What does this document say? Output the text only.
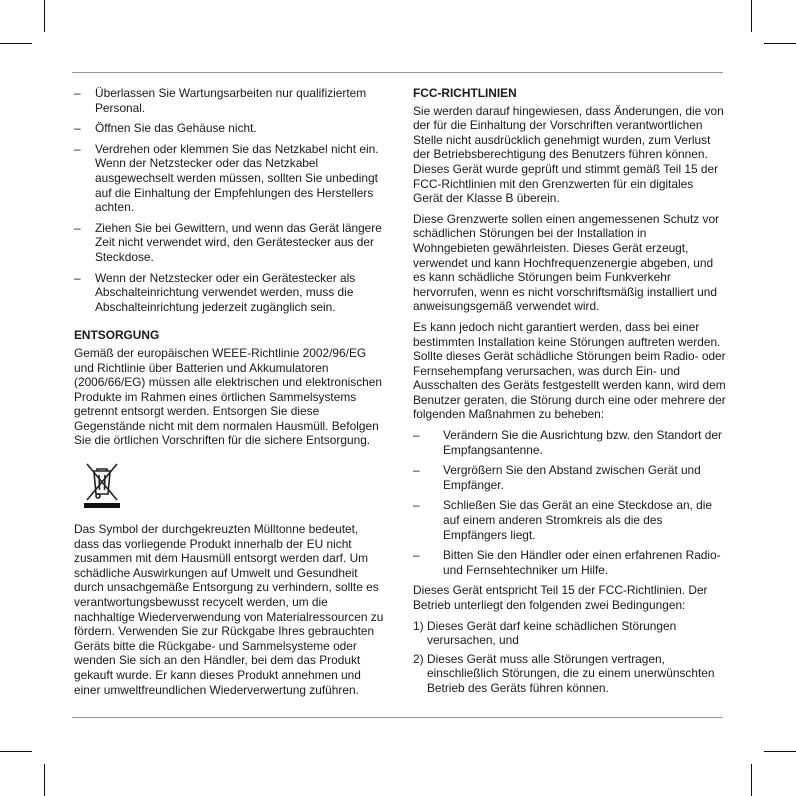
– Überlassen Sie Wartungsarbeiten nur qualifiziertem Personal.
– Öffnen Sie das Gehäuse nicht.
– Verdrehen oder klemmen Sie das Netzkabel nicht ein. Wenn der Netzstecker oder das Netzkabel ausgewechselt werden müssen, sollten Sie unbedingt auf die Einhaltung der Empfehlungen des Herstellers achten.
– Ziehen Sie bei Gewittern, und wenn das Gerät längere Zeit nicht verwendet wird, den Gerätestecker aus der Steckdose.
– Wenn der Netzstecker oder ein Gerätestecker als Abschalteinrichtung verwendet werden, muss die Abschalteinrichtung jederzeit zugänglich sein.
ENTSORGUNG

Gemäß der europäischen WEEE-Richtlinie 2002/96/EG und Richtlinie über Batterien und Akkumulatoren (2006/66/EG) müssen alle elektrischen und elektronischen Produkte im Rahmen eines örtlichen Sammelsystems getrennt entsorgt werden. Entsorgen Sie diese Gegenstände nicht mit dem normalen Hausmüll. Befolgen Sie die örtlichen Vorschriften für die sichere Entsorgung.

Das Symbol der durchgekreuzten Mülltonne bedeutet, dass das vorliegende Produkt innerhalb der EU nicht zusammen mit dem Hausmüll entsorgt werden darf. Um schädliche Auswirkungen auf Umwelt und Gesundheit durch unsachgemäße Entsorgung zu verhindern, sollte es verantwortungsbewusst recycelt werden, um die nachhaltige Wiederverwendung von Materialressourcen zu fördern. Verwenden Sie zur Rückgabe Ihres gebrauchten Geräts bitte die Rückgabe- und Sammelsysteme oder wenden Sie sich an den Händler, bei dem das Produkt gekauft wurde. Er kann dieses Produkt annehmen und einer umweltfreundlichen Wiederverwertung zuführen.

FCC-RICHTLINIEN

Sie werden darauf hingewiesen, dass Änderungen, die von der für die Einhaltung der Vorschriften verantwortlichen Stelle nicht ausdrücklich genehmigt wurden, zum Verlust der Betriebsberechtigung des Benutzers führen können. Dieses Gerät wurde geprüft und stimmt gemäß Teil 15 der FCC-Richtlinien mit den Grenzwerten für ein digitales Gerät der Klasse B überein.

Diese Grenzwerte sollen einen angemessenen Schutz vor schädlichen Störungen bei der Installation in Wohngebieten gewährleisten. Dieses Gerät erzeugt, verwendet und kann Hochfrequenzenergie abgeben, und es kann schädliche Störungen beim Funkverkehr hervorrufen, wenn es nicht vorschriftsmäßig installiert und anweisungsgemäß verwendet wird.

Es kann jedoch nicht garantiert werden, dass bei einer bestimmten Installation keine Störungen auftreten werden. Sollte dieses Gerät schädliche Störungen beim Radio- oder Fernsehempfang verursachen, was durch Ein- und Ausschalten des Geräts festgestellt werden kann, wird dem Benutzer geraten, die Störung durch eine oder mehrere der folgenden Maßnahmen zu beheben:

– Verändern Sie die Ausrichtung bzw. den Standort der Empfangsantenne.
– Vergrößern Sie den Abstand zwischen Gerät und Empfänger.
– Schließen Sie das Gerät an eine Steckdose an, die auf einem anderen Stromkreis als die des Empfängers liegt.
– Bitten Sie den Händler oder einen erfahrenen Radio- und Fernsehtechniker um Hilfe.

Dieses Gerät entspricht Teil 15 der FCC-Richtlinien. Der Betrieb unterliegt den folgenden zwei Bedingungen:

1) Dieses Gerät darf keine schädlichen Störungen verursachen, und
2) Dieses Gerät muss alle Störungen vertragen, einschließlich Störungen, die zu einem unerwünschten Betrieb des Geräts führen können.
